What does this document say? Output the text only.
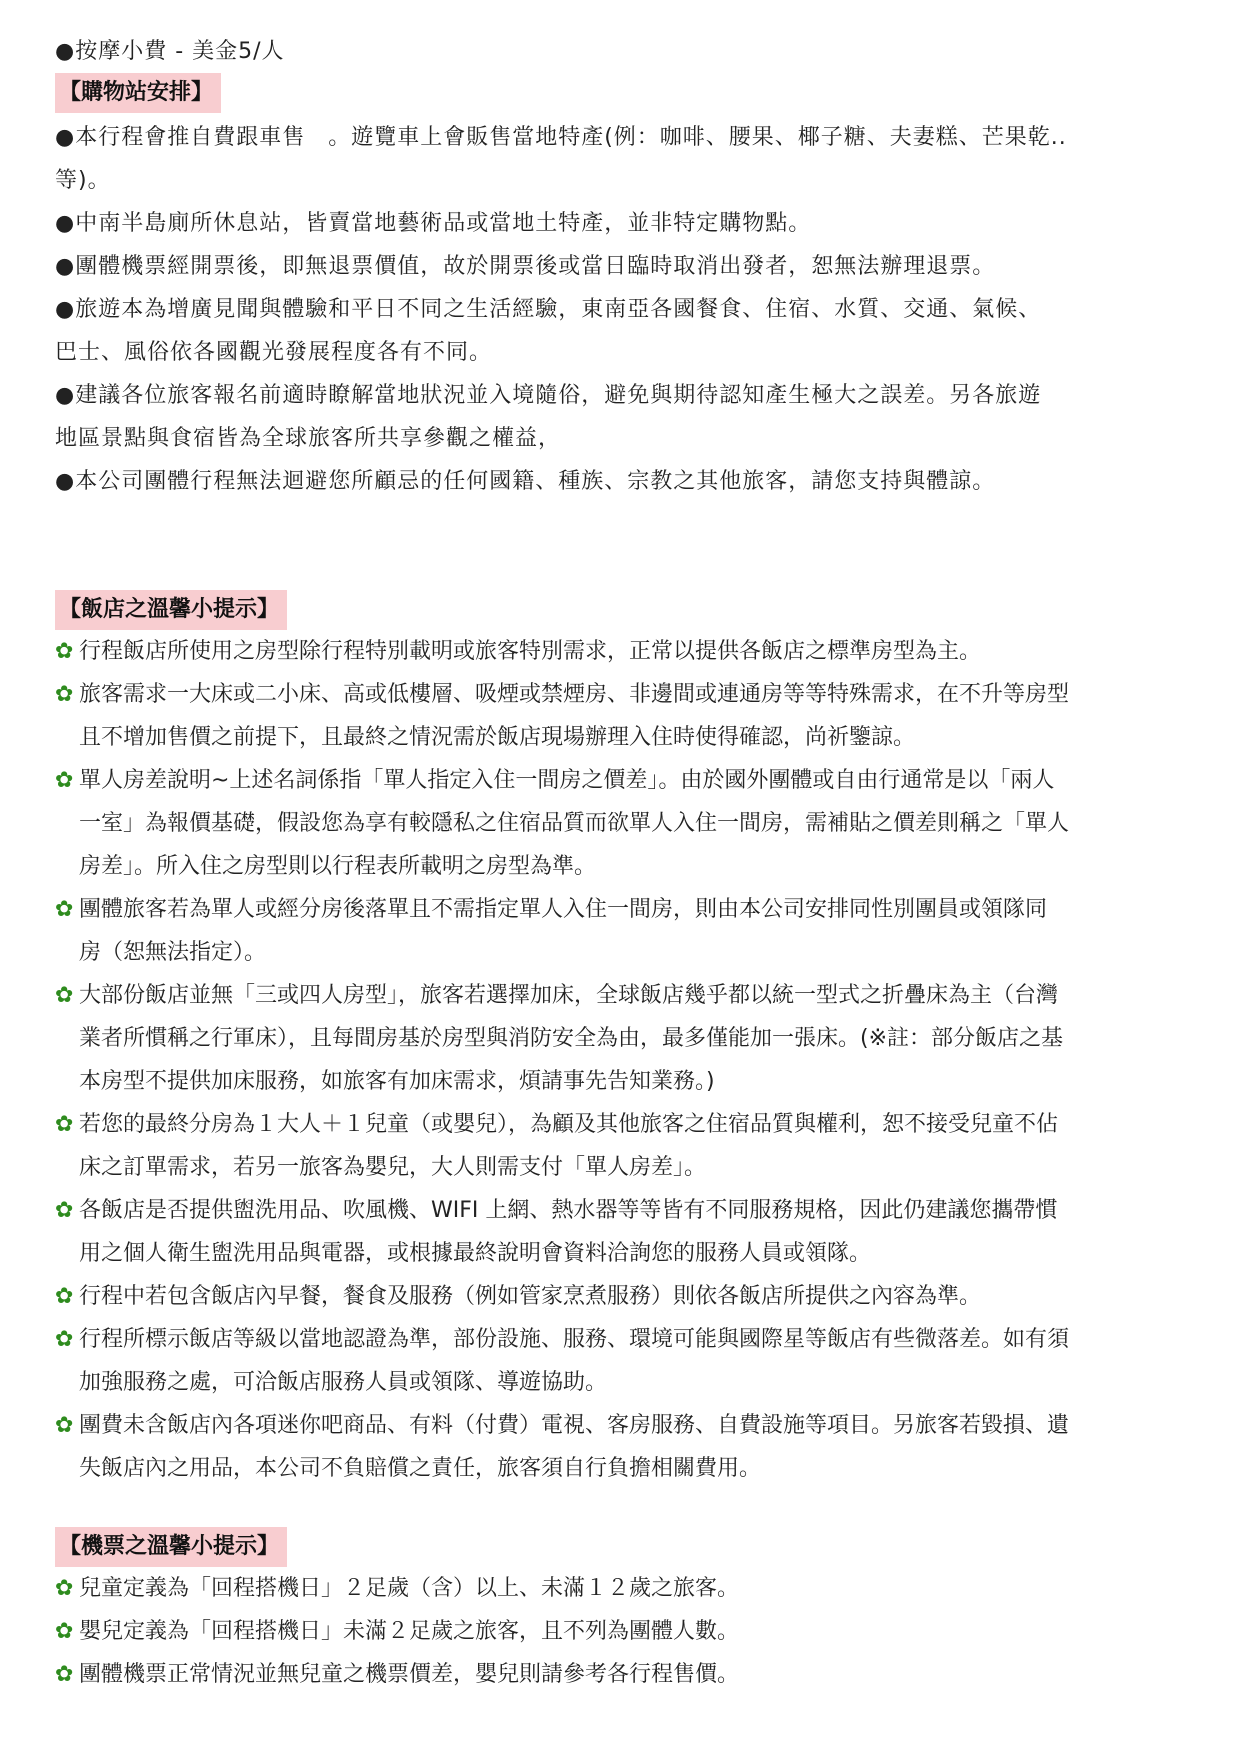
●按摩小費 - 美金5/人
【購物站安排】
●本行程會推自費跟車售　。遊覽車上會販售當地特產(例：咖啡、腰果、椰子糖、夫妻糕、芒果乾..
等)。
●中南半島廁所休息站，皆賣當地藝術品或當地土特產，並非特定購物點。
●團體機票經開票後，即無退票價值，故於開票後或當日臨時取消出發者，恕無法辦理退票。
●旅遊本為增廣見聞與體驗和平日不同之生活經驗，東南亞各國餐食、住宿、水質、交通、氣候、
巴士、風俗依各國觀光發展程度各有不同。
●建議各位旅客報名前適時瞭解當地狀況並入境隨俗，避免與期待認知產生極大之誤差。另各旅遊
地區景點與食宿皆為全球旅客所共享參觀之權益，
●本公司團體行程無法迴避您所顧忌的任何國籍、種族、宗教之其他旅客，請您支持與體諒。
【飯店之溫馨小提示】
✿ 行程飯店所使用之房型除行程特別載明或旅客特別需求，正常以提供各飯店之標準房型為主。
✿ 旅客需求一大床或二小床、高或低樓層、吸煙或禁煙房、非邊間或連通房等等特殊需求，在不升等房型
且不增加售價之前提下，且最終之情況需於飯店現場辦理入住時使得確認，尚祈鑒諒。
✿ 單人房差說明~上述名詞係指「單人指定入住一間房之價差」。由於國外團體或自由行通常是以「兩人
一室」為報價基礎，假設您為享有較隱私之住宿品質而欲單人入住一間房，需補貼之價差則稱之「單人
房差」。所入住之房型則以行程表所載明之房型為準。
✿ 團體旅客若為單人或經分房後落單且不需指定單人入住一間房，則由本公司安排同性別團員或領隊同
房（恕無法指定）。
✿ 大部份飯店並無「三或四人房型」，旅客若選擇加床，全球飯店幾乎都以統一型式之折疊床為主（台灣
業者所慣稱之行軍床），且每間房基於房型與消防安全為由，最多僅能加一張床。(※註：部分飯店之基
本房型不提供加床服務，如旅客有加床需求，煩請事先告知業務。)
✿ 若您的最終分房為１大人＋１兒童（或嬰兒），為顧及其他旅客之住宿品質與權利，恕不接受兒童不佔
床之訂單需求，若另一旅客為嬰兒，大人則需支付「單人房差」。
✿ 各飯店是否提供盥洗用品、吹風機、WIFI 上網、熱水器等等皆有不同服務規格，因此仍建議您攜帶慣
用之個人衛生盥洗用品與電器，或根據最終說明會資料洽詢您的服務人員或領隊。
✿ 行程中若包含飯店內早餐，餐食及服務（例如管家烹煮服務）則依各飯店所提供之內容為準。
✿ 行程所標示飯店等級以當地認證為準，部份設施、服務、環境可能與國際星等飯店有些微落差。如有須
加強服務之處，可洽飯店服務人員或領隊、導遊協助。
✿ 團費未含飯店內各項迷你吧商品、有料（付費）電視、客房服務、自費設施等項目。另旅客若毀損、遺
失飯店內之用品，本公司不負賠償之責任，旅客須自行負擔相關費用。
【機票之溫馨小提示】
✿ 兒童定義為「回程搭機日」２足歲（含）以上、未滿１２歲之旅客。
✿ 嬰兒定義為「回程搭機日」未滿２足歲之旅客，且不列為團體人數。
✿ 團體機票正常情況並無兒童之機票價差，嬰兒則請參考各行程售價。
